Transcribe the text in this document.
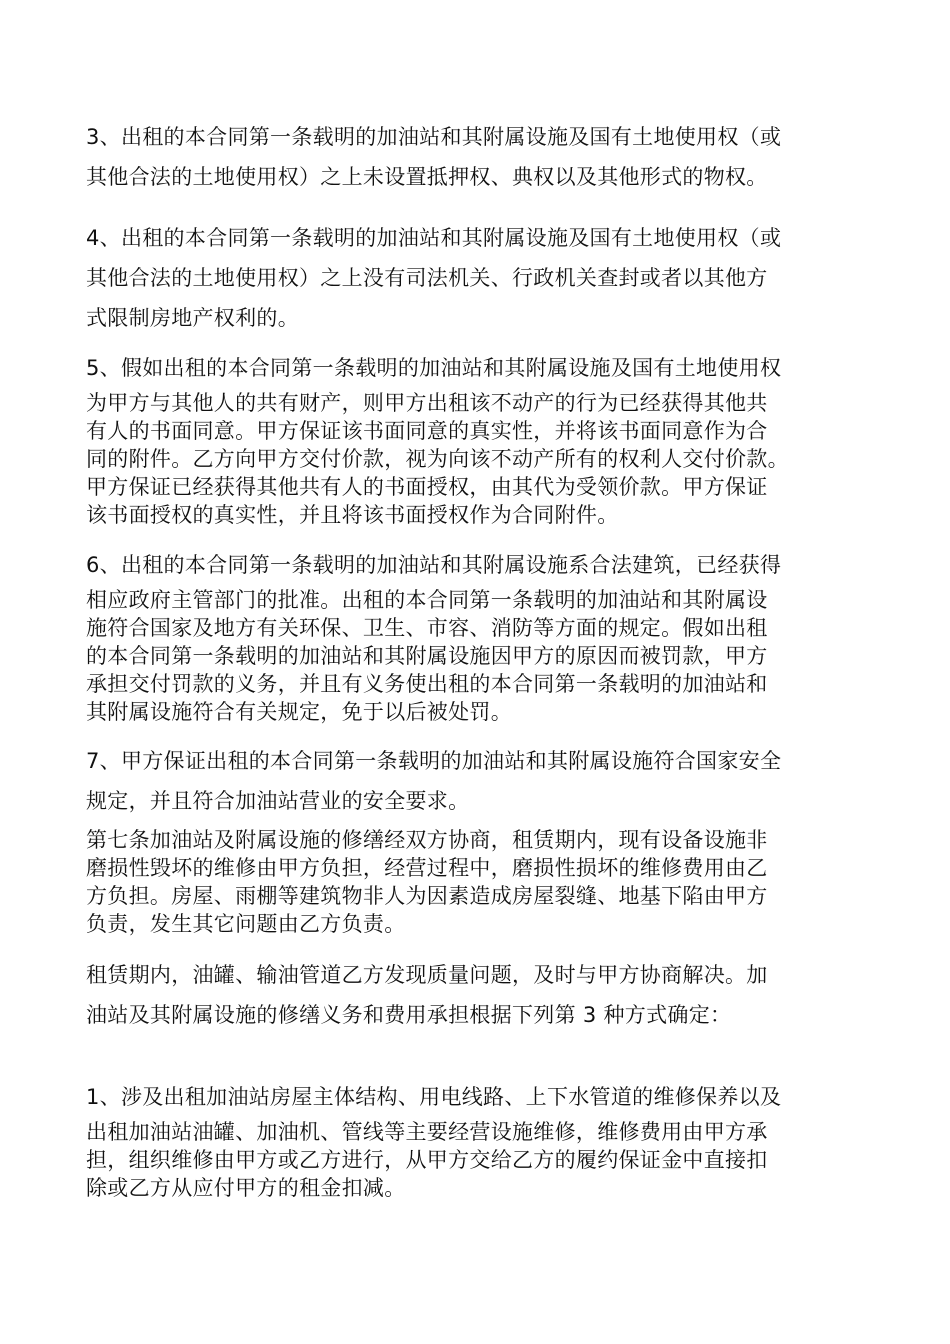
3、出租的本合同第一条载明的加油站和其附属设施及国有土地使用权（或
其他合法的土地使用权）之上未设置抵押权、典权以及其他形式的物权。
4、出租的本合同第一条载明的加油站和其附属设施及国有土地使用权（或
其他合法的土地使用权）之上没有司法机关、行政机关查封或者以其他方
式限制房地产权利的。
5、假如出租的本合同第一条载明的加油站和其附属设施及国有土地使用权
为甲方与其他人的共有财产，则甲方出租该不动产的行为已经获得其他共
有人的书面同意。甲方保证该书面同意的真实性，并将该书面同意作为合
同的附件。乙方向甲方交付价款，视为向该不动产所有的权利人交付价款。
甲方保证已经获得其他共有人的书面授权，由其代为受领价款。甲方保证
该书面授权的真实性，并且将该书面授权作为合同附件。
6、出租的本合同第一条载明的加油站和其附属设施系合法建筑，已经获得
相应政府主管部门的批准。出租的本合同第一条载明的加油站和其附属设
施符合国家及地方有关环保、卫生、市容、消防等方面的规定。假如出租
的本合同第一条载明的加油站和其附属设施因甲方的原因而被罚款，甲方
承担交付罚款的义务，并且有义务使出租的本合同第一条载明的加油站和
其附属设施符合有关规定，免于以后被处罚。
7、甲方保证出租的本合同第一条载明的加油站和其附属设施符合国家安全
规定，并且符合加油站营业的安全要求。
第七条加油站及附属设施的修缮经双方协商，租赁期内，现有设备设施非
磨损性毁坏的维修由甲方负担，经营过程中，磨损性损坏的维修费用由乙
方负担。房屋、雨棚等建筑物非人为因素造成房屋裂缝、地基下陷由甲方
负责，发生其它问题由乙方负责。
租赁期内，油罐、输油管道乙方发现质量问题，及时与甲方协商解决。加
油站及其附属设施的修缮义务和费用承担根据下列第 3 种方式确定：
1、涉及出租加油站房屋主体结构、用电线路、上下水管道的维修保养以及
出租加油站油罐、加油机、管线等主要经营设施维修，维修费用由甲方承
担，组织维修由甲方或乙方进行，从甲方交给乙方的履约保证金中直接扣
除或乙方从应付甲方的租金扣减。
